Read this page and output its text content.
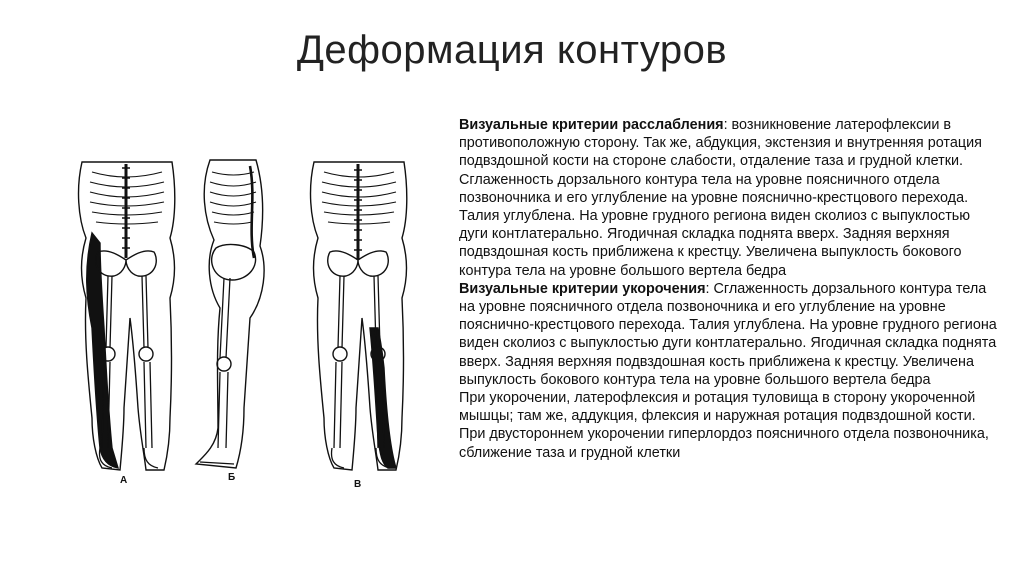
Деформация контуров
А	Б
В

Визуальные критерии расслабления: возникновение латерофлексии в противоположную сторону. Так же, абдукция, экстензия и внутренняя ротация подвздошной кости на стороне слабости, отдаление таза и грудной клетки. Сглаженность дорзального контура тела на уровне поясничного отдела позвоночника и его углубление на уровне пояснично-крестцового перехода. Талия углублена. На уровне грудного региона виден сколиоз с выпуклостью дуги контлатерально. Ягодичная складка поднята вверх. Задняя верхняя подвздошная кость приближена к крестцу. Увеличена выпуклость бокового контура тела на уровне большого вертела бедра

Визуальные критерии укорочения: Сглаженность дорзального контура тела на уровне поясничного отдела позвоночника и его углубление на уровне пояснично-крестцового перехода. Талия углублена. На уровне грудного региона виден сколиоз с выпуклостью дуги контлатерально. Ягодичная складка поднята вверх. Задняя верхняя подвздошная кость приближена к крестцу. Увеличена выпуклость бокового контура тела на уровне большого вертела бедра

При укорочении, латерофлексия и ротация туловища в сторону укороченной мышцы; там же, аддукция, флексия и наружная ротация подвздошной кости. При двустороннем укорочении гиперлордоз поясничного отдела позвоночника, сближение таза и грудной клетки
